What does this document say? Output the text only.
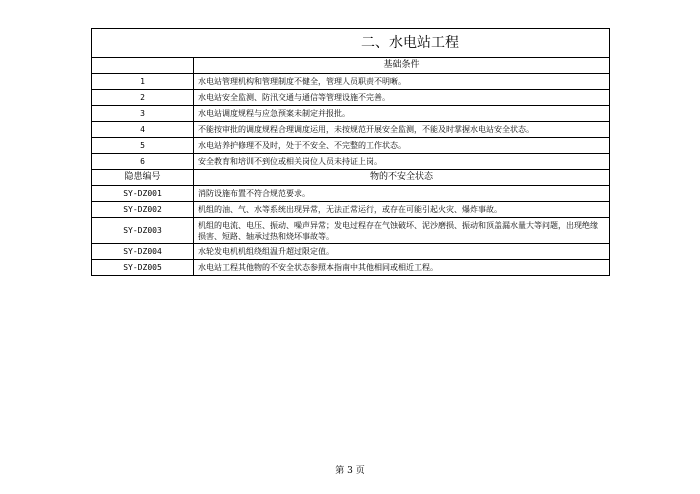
二、水电站工程	
	基础条件
1	水电站管理机构和管理制度不健全，管理人员职责不明晰。
2	水电站安全监测、防汛交通与通信等管理设施不完善。
3	水电站调度规程与应急预案未制定并报批。
4	不能按审批的调度规程合理调度运用，未按规范开展安全监测，不能及时掌握水电站安全状态。
5	水电站养护修理不及时，处于不安全、不完整的工作状态。
6	安全教育和培训不到位或相关岗位人员未持证上岗。
隐患编号	物的不安全状态
SY-DZ001	消防设施布置不符合规范要求。
SY-DZ002	机组的油、气、水等系统出现异常，无法正常运行，或存在可能引起火灾、爆炸事故。
SY-DZ003	机组的电流、电压、振动、噪声异常；发电过程存在气蚀破坏、泥沙磨损、振动和顶盖漏水量大等问题，出现绝缘损害、短路、轴承过热和烧坏事故等。
SY-DZ004	水轮发电机机组绕组温升超过限定值。
SY-DZ005	水电站工程其他物的不安全状态参照本指南中其他相同或相近工程。
第 3 页
